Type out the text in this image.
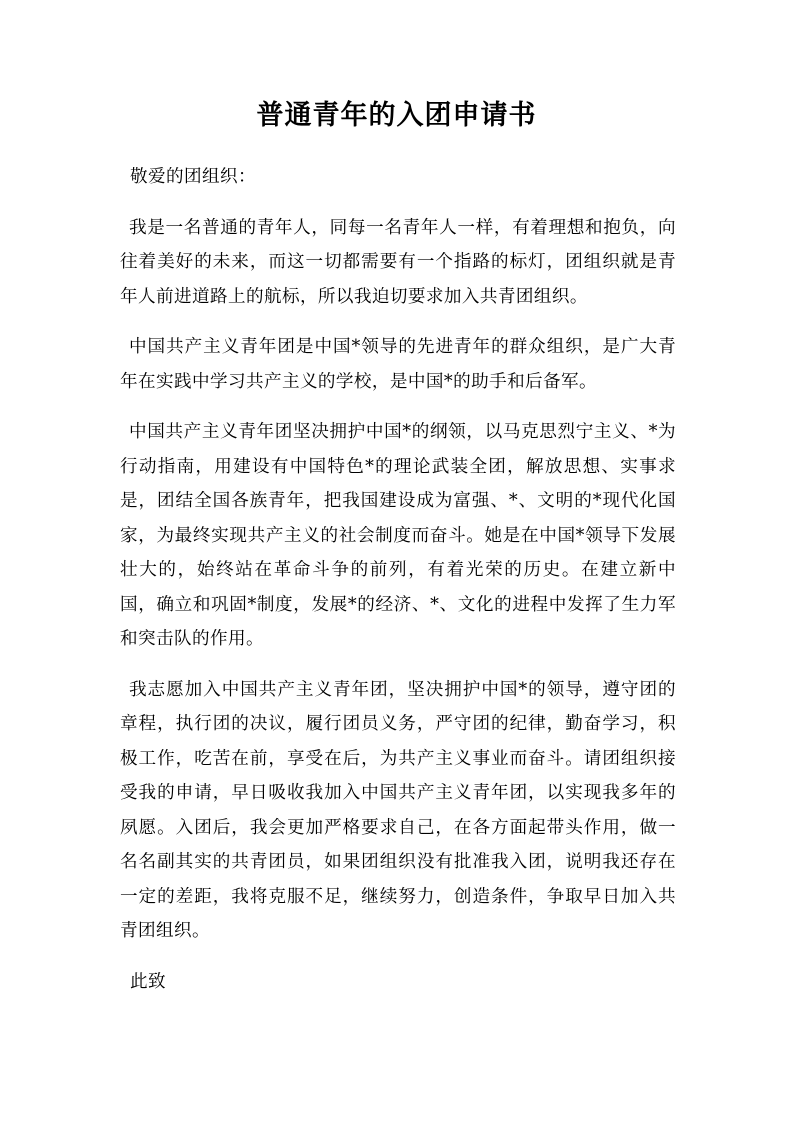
普通青年的入团申请书

敬爱的团组织：

我是一名普通的青年人，同每一名青年人一样，有着理想和抱负，向往着美好的未来，而这一切都需要有一个指路的标灯，团组织就是青年人前进道路上的航标，所以我迫切要求加入共青团组织。

中国共产主义青年团是中国*领导的先进青年的群众组织，是广大青年在实践中学习共产主义的学校，是中国*的助手和后备军。

中国共产主义青年团坚决拥护中国*的纲领，以马克思烈宁主义、*为行动指南，用建设有中国特色*的理论武装全团，解放思想、实事求是，团结全国各族青年，把我国建设成为富强、*、文明的*现代化国家，为最终实现共产主义的社会制度而奋斗。她是在中国*领导下发展壮大的，始终站在革命斗争的前列，有着光荣的历史。在建立新中国，确立和巩固*制度，发展*的经济、*、文化的进程中发挥了生力军和突击队的作用。

我志愿加入中国共产主义青年团，坚决拥护中国*的领导，遵守团的章程，执行团的决议，履行团员义务，严守团的纪律，勤奋学习，积极工作，吃苦在前，享受在后，为共产主义事业而奋斗。请团组织接受我的申请，早日吸收我加入中国共产主义青年团，以实现我多年的夙愿。入团后，我会更加严格要求自己，在各方面起带头作用，做一名名副其实的共青团员，如果团组织没有批准我入团，说明我还存在一定的差距，我将克服不足，继续努力，创造条件，争取早日加入共青团组织。

此致
